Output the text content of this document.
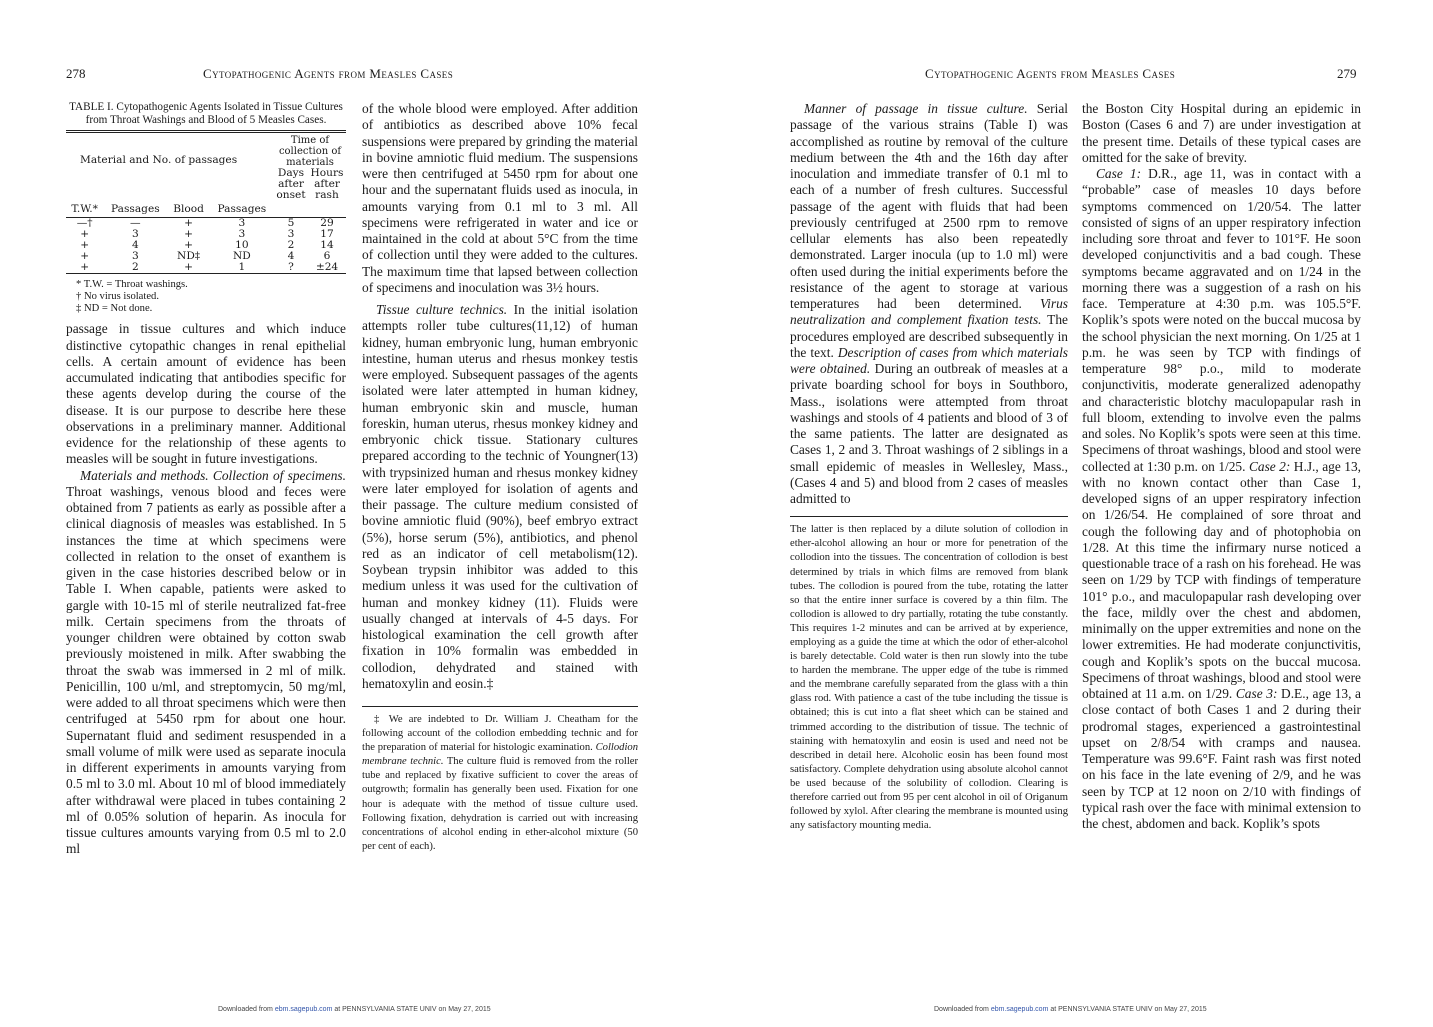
278	Cytopathogenic Agents from Measles Cases
TABLE I. Cytopathogenic Agents Isolated in Tissue Cultures from Throat Washings and Blood of 5 Measles Cases.
Material and No. of passages				Time of collection of materials	
				Days after onset	Hours after rash
T.W.*	Passages	Blood	Passages		
—†	—	+	3	5	29
+	3	+	3	3	17
+	4	+	10	2	14
+	3	ND‡	ND	4	6
+	2	+	1	?	±24
* T.W. = Throat washings.
† No virus isolated.
‡ ND = Not done.

passage in tissue cultures and which induce distinctive cytopathic changes in renal epithelial cells. A certain amount of evidence has been accumulated indicating that antibodies specific for these agents develop during the course of the disease. It is our purpose to describe here these observations in a preliminary manner. Additional evidence for the relationship of these agents to measles will be sought in future investigations.

Materials and methods. Collection of specimens. Throat washings, venous blood and feces were obtained from 7 patients as early as possible after a clinical diagnosis of measles was established. In 5 instances the time at which specimens were collected in relation to the onset of exanthem is given in the case histories described below or in Table I. When capable, patients were asked to gargle with 10-15 ml of sterile neutralized fat-free milk. Certain specimens from the throats of younger children were obtained by cotton swab previously moistened in milk. After swabbing the throat the swab was immersed in 2 ml of milk. Penicillin, 100 u/ml, and streptomycin, 50 mg/ml, were added to all throat specimens which were then centrifuged at 5450 rpm for about one hour. Supernatant fluid and sediment resuspended in a small volume of milk were used as separate inocula in different experiments in amounts varying from 0.5 ml to 3.0 ml. About 10 ml of blood immediately after withdrawal were placed in tubes containing 2 ml of 0.05% solution of heparin. As inocula for tissue cultures amounts varying from 0.5 ml to 2.0 ml

of the whole blood were employed. After addition of antibiotics as described above 10% fecal suspensions were prepared by grinding the material in bovine amniotic fluid medium. The suspensions were then centrifuged at 5450 rpm for about one hour and the supernatant fluids used as inocula, in amounts varying from 0.1 ml to 3 ml. All specimens were refrigerated in water and ice or maintained in the cold at about 5°C from the time of collection until they were added to the cultures. The maximum time that lapsed between collection of specimens and inoculation was 3½ hours.

Tissue culture technics. In the initial isolation attempts roller tube cultures(11,12) of human kidney, human embryonic lung, human embryonic intestine, human uterus and rhesus monkey testis were employed. Subsequent passages of the agents isolated were later attempted in human kidney, human embryonic skin and muscle, human foreskin, human uterus, rhesus monkey kidney and embryonic chick tissue. Stationary cultures prepared according to the technic of Youngner(13) with trypsinized human and rhesus monkey kidney were later employed for isolation of agents and their passage. The culture medium consisted of bovine amniotic fluid (90%), beef embryo extract (5%), horse serum (5%), antibiotics, and phenol red as an indicator of cell metabolism(12). Soybean trypsin inhibitor was added to this medium unless it was used for the cultivation of human and monkey kidney (11). Fluids were usually changed at intervals of 4-5 days. For histological examination the cell growth after fixation in 10% formalin was embedded in collodion, dehydrated and stained with hematoxylin and eosin.‡

‡ We are indebted to Dr. William J. Cheatham for the following account of the collodion embedding technic and for the preparation of material for histologic examination. Collodion membrane technic. The culture fluid is removed from the roller tube and replaced by fixative sufficient to cover the areas of outgrowth; formalin has generally been used. Fixation for one hour is adequate with the method of tissue culture used. Following fixation, dehydration is carried out with increasing concentrations of alcohol ending in ether-alcohol mixture (50 per cent of each).

Downloaded from ebm.sagepub.com at PENNSYLVANIA STATE UNIV on May 27, 2015
Cytopathogenic Agents from Measles Cases	279

Manner of passage in tissue culture. Serial passage of the various strains (Table I) was accomplished as routine by removal of the culture medium between the 4th and the 16th day after inoculation and immediate transfer of 0.1 ml to each of a number of fresh cultures. Successful passage of the agent with fluids that had been previously centrifuged at 2500 rpm to remove cellular elements has also been repeatedly demonstrated. Larger inocula (up to 1.0 ml) were often used during the initial experiments before the resistance of the agent to storage at various temperatures had been determined. Virus neutralization and complement fixation tests. The procedures employed are described subsequently in the text. Description of cases from which materials were obtained. During an outbreak of measles at a private boarding school for boys in Southboro, Mass., isolations were attempted from throat washings and stools of 4 patients and blood of 3 of the same patients. The latter are designated as Cases 1, 2 and 3. Throat washings of 2 siblings in a small epidemic of measles in Wellesley, Mass., (Cases 4 and 5) and blood from 2 cases of measles admitted to

The latter is then replaced by a dilute solution of collodion in ether-alcohol allowing an hour or more for penetration of the collodion into the tissues. The concentration of collodion is best determined by trials in which films are removed from blank tubes. The collodion is poured from the tube, rotating the latter so that the entire inner surface is covered by a thin film. The collodion is allowed to dry partially, rotating the tube constantly. This requires 1-2 minutes and can be arrived at by experience, employing as a guide the time at which the odor of ether-alcohol is barely detectable. Cold water is then run slowly into the tube to harden the membrane. The upper edge of the tube is rimmed and the membrane carefully separated from the glass with a thin glass rod. With patience a cast of the tube including the tissue is obtained; this is cut into a flat sheet which can be stained and trimmed according to the distribution of tissue. The technic of staining with hematoxylin and eosin is used and need not be described in detail here. Alcoholic eosin has been found most satisfactory. Complete dehydration using absolute alcohol cannot be used because of the solubility of collodion. Clearing is therefore carried out from 95 per cent alcohol in oil of Origanum followed by xylol. After clearing the membrane is mounted using any satisfactory mounting media.

the Boston City Hospital during an epidemic in Boston (Cases 6 and 7) are under investigation at the present time. Details of these typical cases are omitted for the sake of brevity.

Case 1: D.R., age 11, was in contact with a “probable” case of measles 10 days before symptoms commenced on 1/20/54. The latter consisted of signs of an upper respiratory infection including sore throat and fever to 101°F. He soon developed conjunctivitis and a bad cough. These symptoms became aggravated and on 1/24 in the morning there was a suggestion of a rash on his face. Temperature at 4:30 p.m. was 105.5°F. Koplik’s spots were noted on the buccal mucosa by the school physician the next morning. On 1/25 at 1 p.m. he was seen by TCP with findings of temperature 98° p.o., mild to moderate conjunctivitis, moderate generalized adenopathy and characteristic blotchy maculopapular rash in full bloom, extending to involve even the palms and soles. No Koplik’s spots were seen at this time. Specimens of throat washings, blood and stool were collected at 1:30 p.m. on 1/25. Case 2: H.J., age 13, with no known contact other than Case 1, developed signs of an upper respiratory infection on 1/26/54. He complained of sore throat and cough the following day and of photophobia on 1/28. At this time the infirmary nurse noticed a questionable trace of a rash on his forehead. He was seen on 1/29 by TCP with findings of temperature 101° p.o., and maculopapular rash developing over the face, mildly over the chest and abdomen, minimally on the upper extremities and none on the lower extremities. He had moderate conjunctivitis, cough and Koplik’s spots on the buccal mucosa. Specimens of throat washings, blood and stool were obtained at 11 a.m. on 1/29. Case 3: D.E., age 13, a close contact of both Cases 1 and 2 during their prodromal stages, experienced a gastrointestinal upset on 2/8/54 with cramps and nausea. Temperature was 99.6°F. Faint rash was first noted on his face in the late evening of 2/9, and he was seen by TCP at 12 noon on 2/10 with findings of typical rash over the face with minimal extension to the chest, abdomen and back. Koplik’s spots

Downloaded from ebm.sagepub.com at PENNSYLVANIA STATE UNIV on May 27, 2015
